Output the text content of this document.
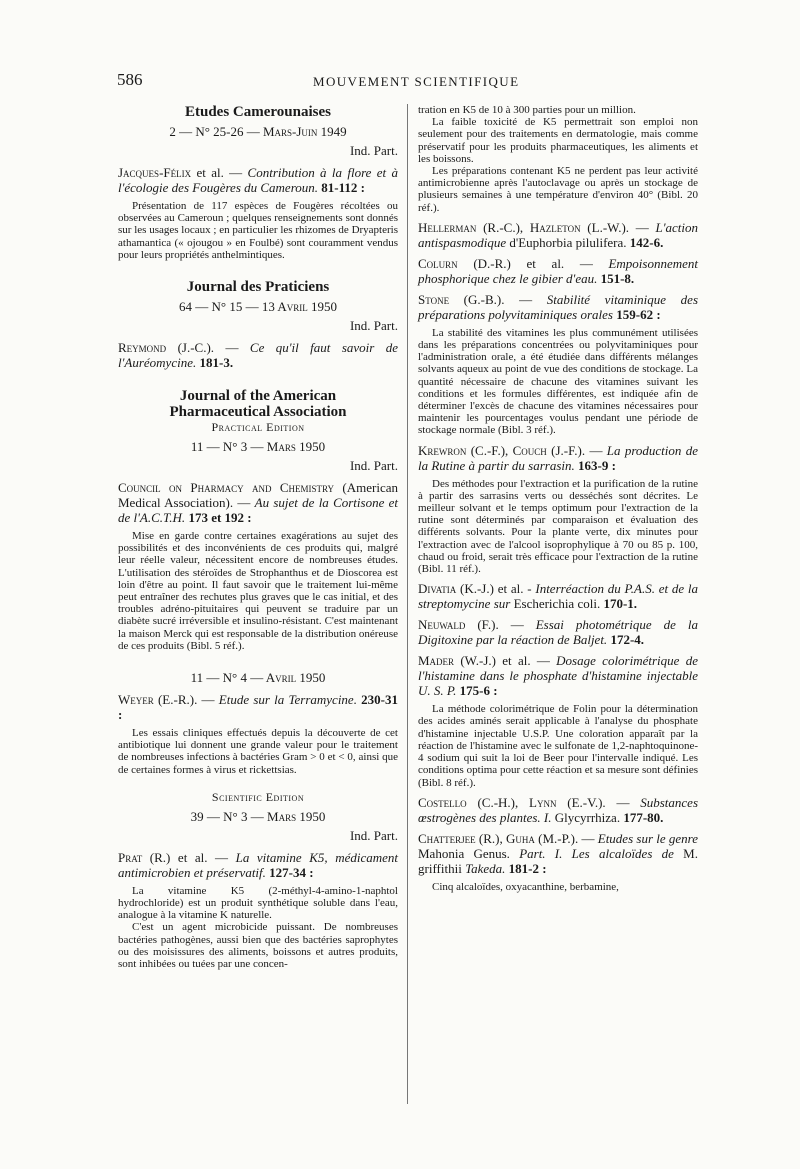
586	MOUVEMENT SCIENTIFIQUE
Etudes Camerounaises
2 — N° 25-26 — Mars-Juin 1949
Ind. Part.
Jacques-Félix et al. — Contribution à la flore et à l'écologie des Fougères du Cameroun. 81-112 :
Présentation de 117 espèces de Fougères récoltées ou observées au Cameroun ; quelques renseignements sont donnés sur les usages locaux ; en particulier les rhizomes de Dryapteris athamantica (« ojougou » en Foulbé) sont couramment vendus pour leurs propriétés anthelmintiques.
Journal des Praticiens
64 — N° 15 — 13 Avril 1950
Ind. Part.
Reymond (J.-C.). — Ce qu'il faut savoir de l'Auréomycine. 181-3.
Journal of the American
Pharmaceutical Association
Practical Edition
11 — N° 3 — Mars 1950
Ind. Part.
Council on Pharmacy and Chemistry (American Medical Association). — Au sujet de la Cortisone et de l'A.C.T.H. 173 et 192 :
Mise en garde contre certaines exagérations au sujet des possibilités et des inconvénients de ces produits qui, malgré leur réelle valeur, nécessitent encore de nombreuses études. L'utilisation des stéroïdes de Strophanthus et de Dioscorea est loin d'être au point. Il faut savoir que le traitement lui-même peut entraîner des rechutes plus graves que le cas initial, et des troubles adréno-pituitaires qui peuvent se traduire par un diabète sucré irréversible et insulino-résistant. C'est maintenant la maison Merck qui est responsable de la distribution onéreuse de ces produits (Bibl. 5 réf.).
11 — N° 4 — Avril 1950
Weyer (E.-R.). — Etude sur la Terramycine. 230-31 :
Les essais cliniques effectués depuis la découverte de cet antibiotique lui donnent une grande valeur pour le traitement de nombreuses infections à bactéries Gram > 0 et < 0, ainsi que de certaines formes à virus et rickettsias.
Scientific Edition
39 — N° 3 — Mars 1950
Ind. Part.
Prat (R.) et al. — La vitamine K5, médicament antimicrobien et préservatif. 127-34 :
La vitamine K5 (2-méthyl-4-amino-1-naphtol hydrochloride) est un produit synthétique soluble dans l'eau, analogue à la vitamine K naturelle.
C'est un agent microbicide puissant. De nombreuses bactéries pathogènes, aussi bien que des bactéries saprophytes ou des moisissures des aliments, boissons et autres produits, sont inhibées ou tuées par une concen-
tration en K5 de 10 à 300 parties pour un million.
La faible toxicité de K5 permettrait son emploi non seulement pour des traitements en dermatologie, mais comme préservatif pour les produits pharmaceutiques, les aliments et les boissons.
Les préparations contenant K5 ne perdent pas leur activité antimicrobienne après l'autoclavage ou après un stockage de plusieurs semaines à une température d'environ 40° (Bibl. 20 réf.).
Hellerman (R.-C.), Hazleton (L.-W.). — L'action antispasmodique d'Euphorbia pilulifera. 142-6.
Colurn (D.-R.) et al. — Empoisonnement phosphorique chez le gibier d'eau. 151-8.
Stone (G.-B.). — Stabilité vitaminique des préparations polyvitaminiques orales 159-62 :
La stabilité des vitamines les plus communément utilisées dans les préparations concentrées ou polyvitaminiques pour l'administration orale, a été étudiée dans différents mélanges solvants aqueux au point de vue des conditions de stockage. La quantité nécessaire de chacune des vitamines suivant les conditions et les formules différentes, est indiquée afin de déterminer l'excès de chacune des vitamines nécessaires pour maintenir les pourcentages voulus pendant une période de stockage normale (Bibl. 3 réf.).
Krewron (C.-F.), Couch (J.-F.). — La production de la Rutine à partir du sarrasin. 163-9 :
Des méthodes pour l'extraction et la purification de la rutine à partir des sarrasins verts ou desséchés sont décrites. Le meilleur solvant et le temps optimum pour l'extraction de la rutine sont déterminés par comparaison et évaluation des différents solvants. Pour la plante verte, dix minutes pour l'extraction avec de l'alcool isoprophylique à 70 ou 85 p. 100, chaud ou froid, serait très efficace pour l'extraction de la rutine (Bibl. 11 réf.).
Divatia (K.-J.) et al. - Interréaction du P.A.S. et de la streptomycine sur Escherichia coli. 170-1.
Neuwald (F.). — Essai photométrique de la Digitoxine par la réaction de Baljet. 172-4.
Mader (W.-J.) et al. — Dosage colorimétrique de l'histamine dans le phosphate d'histamine injectable U. S. P. 175-6 :
La méthode colorimétrique de Folin pour la détermination des acides aminés serait applicable à l'analyse du phosphate d'histamine injectable U.S.P. Une coloration apparaît par la réaction de l'histamine avec le sulfonate de 1,2-naphtoquinone-4 sodium qui suit la loi de Beer pour l'intervalle indiqué. Les conditions optima pour cette réaction et sa mesure sont définies (Bibl. 8 réf.).
Costello (C.-H.), Lynn (E.-V.). — Substances œstrogènes des plantes. I. Glycyrrhiza. 177-80.
Chatterjee (R.), Guha (M.-P.). — Etudes sur le genre Mahonia Genus. Part. I. Les alcaloïdes de M. griffithii Takeda. 181-2 :
Cinq alcaloïdes, oxyacanthine, berbamine,
